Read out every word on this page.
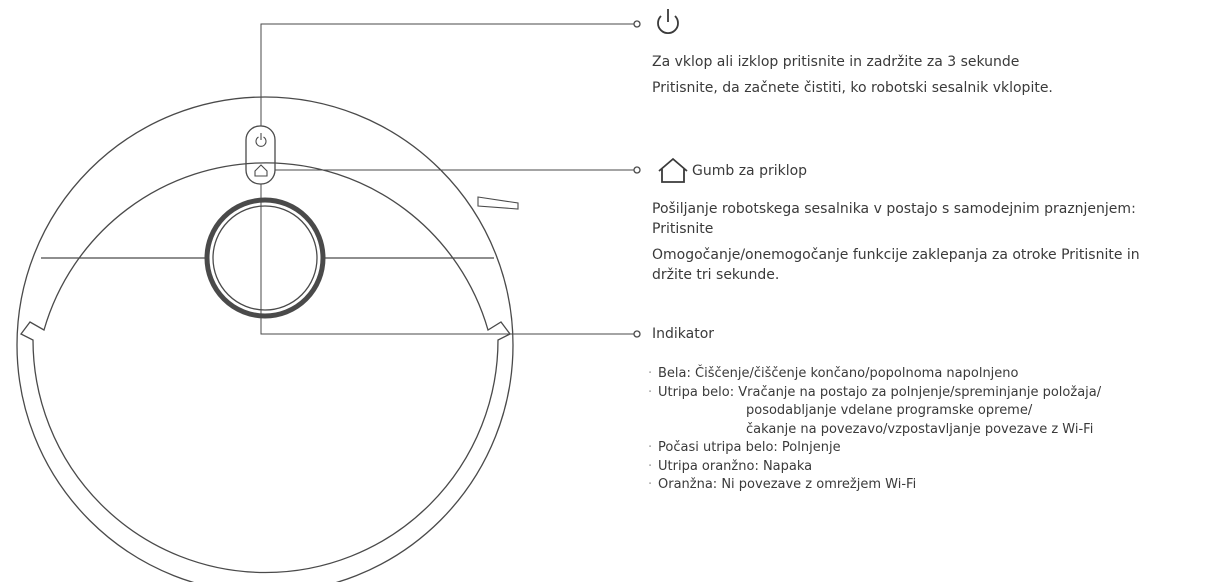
Za vklop ali izklop pritisnite in zadržite za 3 sekunde
Pritisnite, da začnete čistiti, ko robotski sesalnik vklopite.
Gumb za priklop
Pošiljanje robotskega sesalnika v postajo s samodejnim praznjenjem:
Pritisnite
Omogočanje/onemogočanje funkcije zaklepanja za otroke Pritisnite in
držite tri sekunde.
Indikator
· Bela: Čiščenje/čiščenje končano/popolnoma napolnjeno
· Utripa belo: Vračanje na postajo za polnjenje/spreminjanje položaja/
posodabljanje vdelane programske opreme/
čakanje na povezavo/vzpostavljanje povezave z Wi-Fi
· Počasi utripa belo: Polnjenje
· Utripa oranžno: Napaka
· Oranžna: Ni povezave z omrežjem Wi-Fi
